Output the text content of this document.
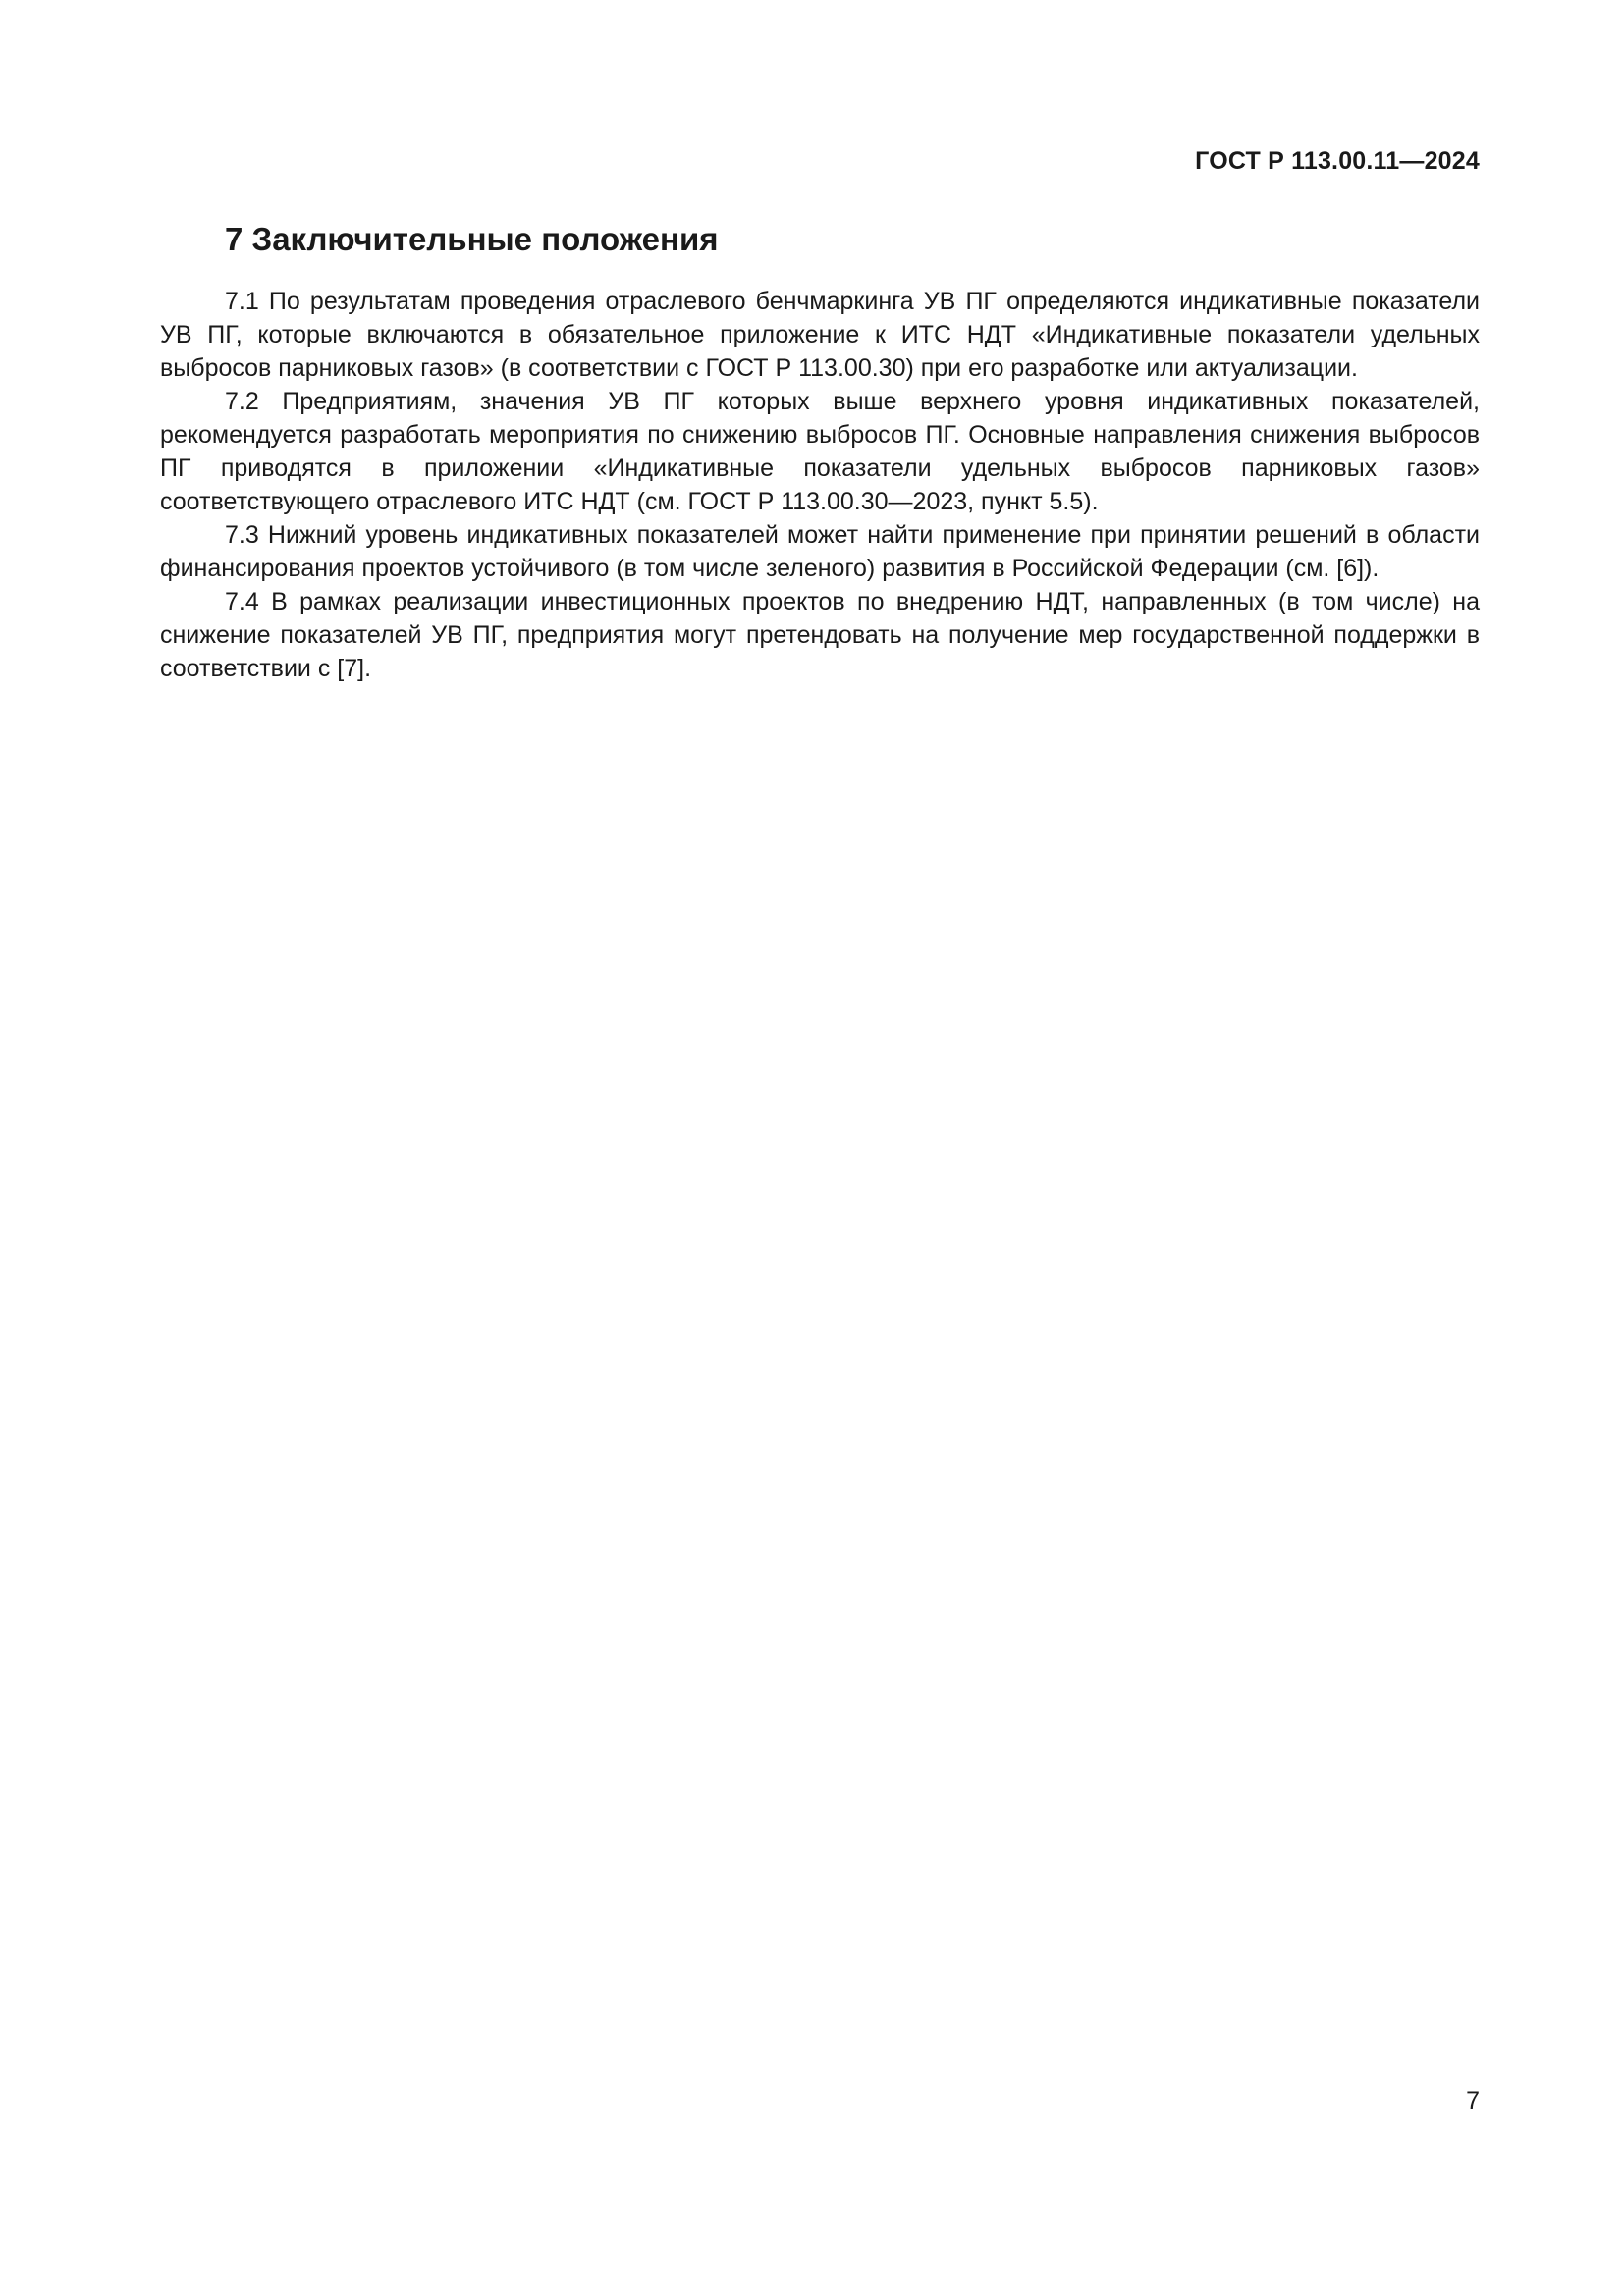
ГОСТ Р 113.00.11—2024
7 Заключительные положения

7.1 По результатам проведения отраслевого бенчмаркинга УВ ПГ определяются индикативные показатели УВ ПГ, которые включаются в обязательное приложение к ИТС НДТ «Индикативные показатели удельных выбросов парниковых газов» (в соответствии с ГОСТ Р 113.00.30) при его разработке или актуализации.

7.2 Предприятиям, значения УВ ПГ которых выше верхнего уровня индикативных показателей, рекомендуется разработать мероприятия по снижению выбросов ПГ. Основные направления снижения выбросов ПГ приводятся в приложении «Индикативные показатели удельных выбросов парниковых газов» соответствующего отраслевого ИТС НДТ (см. ГОСТ Р 113.00.30—2023, пункт 5.5).

7.3 Нижний уровень индикативных показателей может найти применение при принятии решений в области финансирования проектов устойчивого (в том числе зеленого) развития в Российской Федерации (см. [6]).

7.4 В рамках реализации инвестиционных проектов по внедрению НДТ, направленных (в том числе) на снижение показателей УВ ПГ, предприятия могут претендовать на получение мер государственной поддержки в соответствии с [7].

7
